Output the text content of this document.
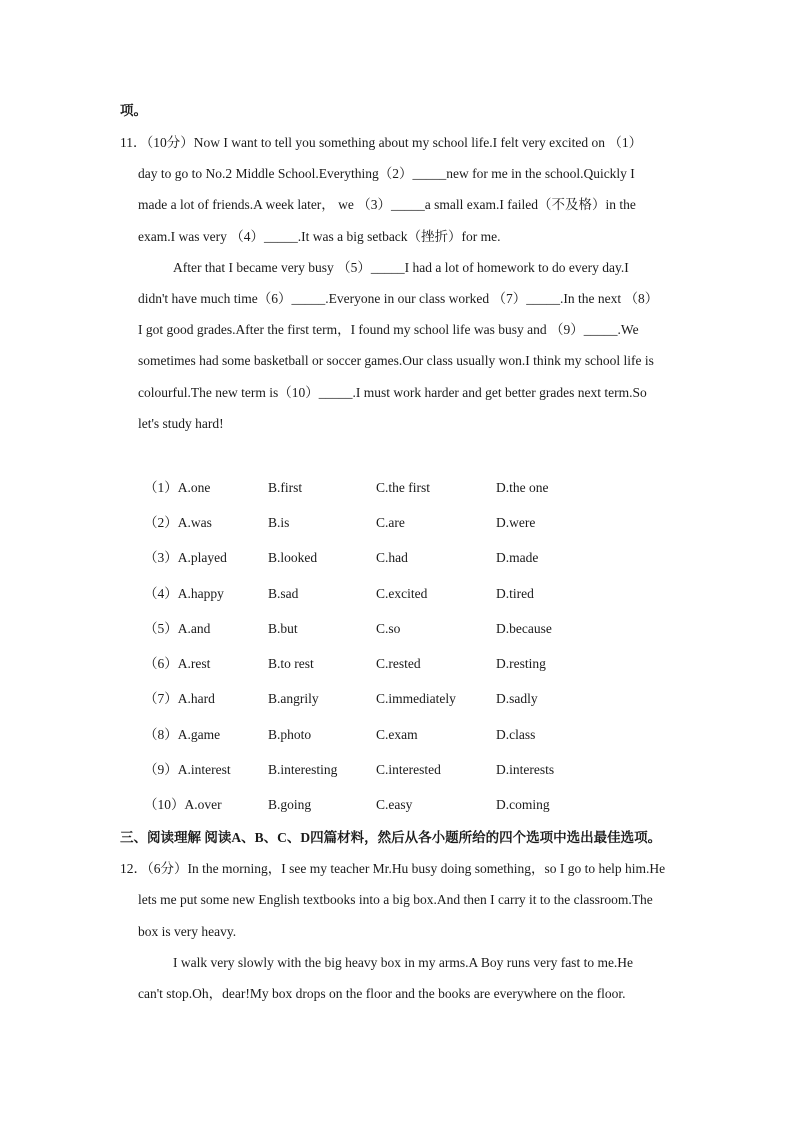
项。
11．（10分）Now I want to tell you something about my school life.I felt very excited on （1）
day to go to No.2 Middle School.Everything（2）_____new for me in the school.Quickly I
made a lot of friends.A week later， we （3）_____a small exam.I failed（不及格）in the
exam.I was very （4）_____.It was a big setback（挫折）for me.
After that I became very busy （5）_____I had a lot of homework to do every day.I
didn't have much time（6）_____.Everyone in our class worked （7）_____.In the next （8）
I got good grades.After the first term，I found my school life was busy and （9）_____.We
sometimes had some basketball or soccer games.Our class usually won.I think my school life is
colourful.The new term is（10）_____.I must work harder and get better grades next term.So
let's study hard!
（1）A.one	B.first	C.the first	D.the one
（2）A.was	B.is	C.are	D.were
（3）A.played	B.looked	C.had	D.made
（4）A.happy	B.sad	C.excited	D.tired
（5）A.and	B.but	C.so	D.because
（6）A.rest	B.to rest	C.rested	D.resting
（7）A.hard	B.angrily	C.immediately	D.sadly
（8）A.game	B.photo	C.exam	D.class
（9）A.interest	B.interesting	C.interested	D.interests
（10）A.over	B.going	C.easy	D.coming
三、阅读理解 阅读A、B、C、D四篇材料，然后从各小题所给的四个选项中选出最佳选项。
12．（6分）In the morning，I see my teacher Mr.Hu busy doing something，so I go to help him.He
lets me put some new English textbooks into a big box.And then I carry it to the classroom.The
box is very heavy.
I walk very slowly with the big heavy box in my arms.A Boy runs very fast to me.He
can't stop.Oh，dear!My box drops on the floor and the books are everywhere on the floor.
